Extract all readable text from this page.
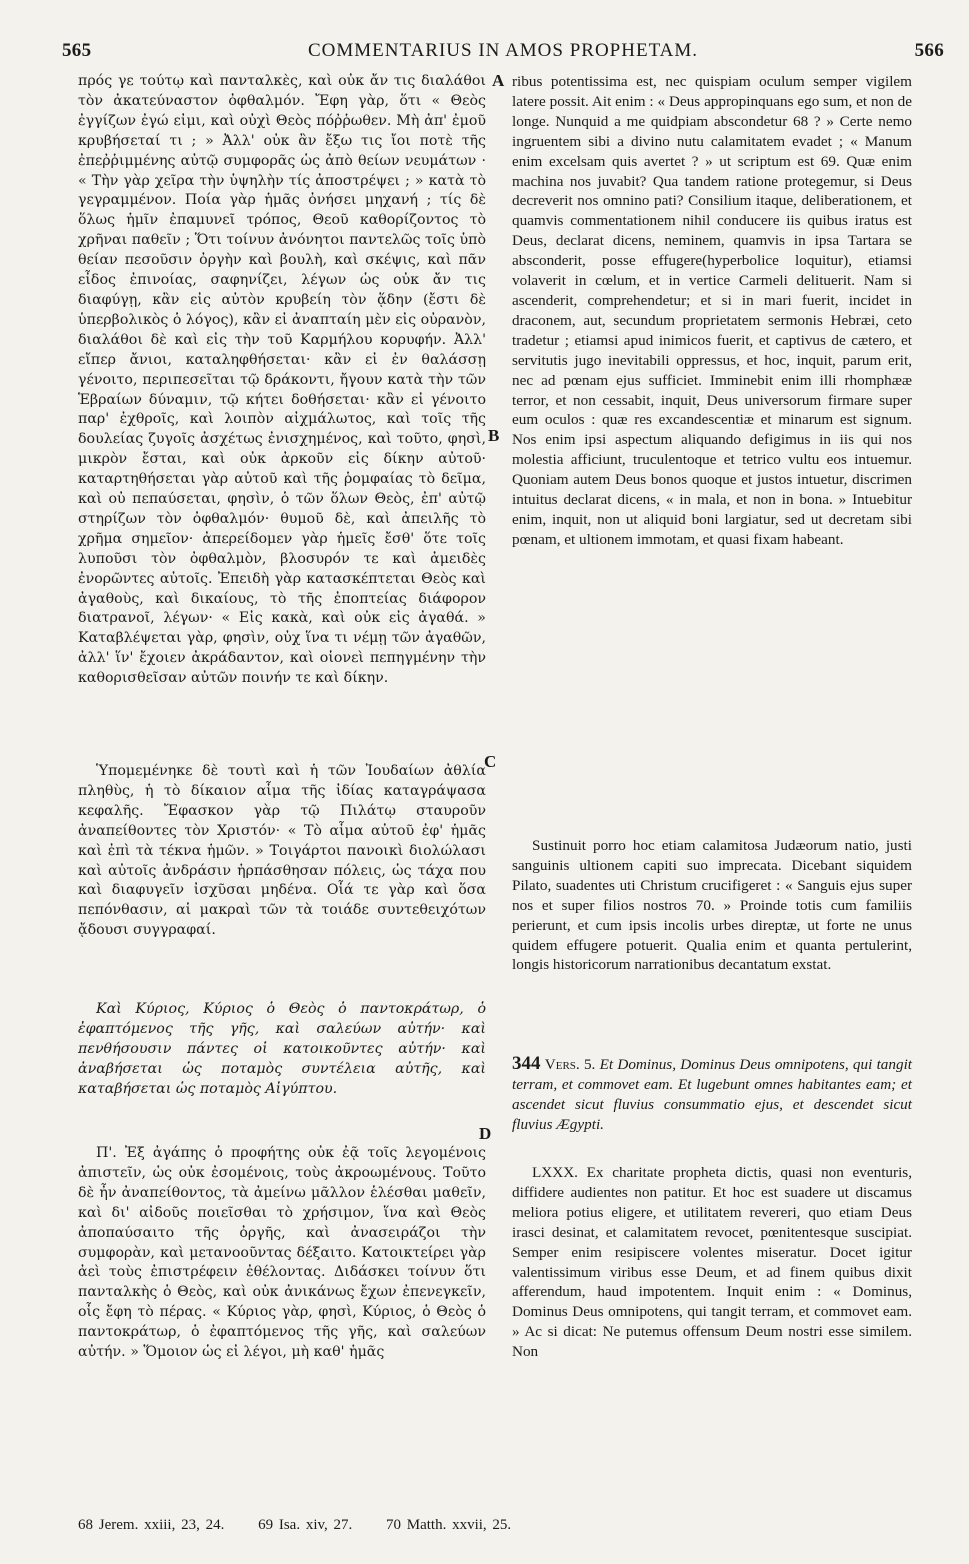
565	COMMENTARIUS IN AMOS PROPHETAM.	566

πρός γε τούτῳ καὶ πανταλκὲς, καὶ οὐκ ἄν τις διαλάθοι τὸν ἀκατεύναστον ὀφθαλμόν. Ἔφη γὰρ, ὅτι « Θεὸς ἐγγίζων ἐγώ εἰμι, καὶ οὐχὶ Θεὸς πόῤῥωθεν. Μὴ ἀπ' ἐμοῦ κρυβήσεταί τι ; » Ἀλλ' οὐκ ἂν ἔξω τις ἴοι ποτὲ τῆς ἐπεῤῥιμμένης αὐτῷ συμφορᾶς ὡς ἀπὸ θείων νευμάτων · « Τὴν γὰρ χεῖρα τὴν ὑψηλὴν τίς ἀποστρέψει ; » κατὰ τὸ γεγραμμένον. Ποία γὰρ ἡμᾶς ὀνήσει μηχανή ; τίς δὲ ὅλως ἡμῖν ἐπαμυνεῖ τρόπος, Θεοῦ καθορίζοντος τὸ χρῆναι παθεῖν ; Ὅτι τοίνυν ἀνόνητοι παντελῶς τοῖς ὑπὸ θείαν πεσοῦσιν ὀργὴν καὶ βουλὴ, καὶ σκέψις, καὶ πᾶν εἶδος ἐπινοίας, σαφηνίζει, λέγων ὡς οὐκ ἄν τις διαφύγῃ, κἂν εἰς αὐτὸν κρυβείη τὸν ᾅδην (ἔστι δὲ ὑπερβολικὸς ὁ λόγος), κἂν εἰ ἀναπταίη μὲν εἰς οὐρανὸν, διαλάθοι δὲ καὶ εἰς τὴν τοῦ Καρμήλου κορυφήν. Ἀλλ' εἴπερ ἄνιοι, καταληφθήσεται· κἂν εἰ ἐν θαλάσσῃ γένοιτο, περιπεσεῖται τῷ δράκοντι, ἤγουν κατὰ τὴν τῶν Ἑβραίων δύναμιν, τῷ κήτει δοθήσεται· κἂν εἰ γένοιτο παρ' ἐχθροῖς, καὶ λοιπὸν αἰχμάλωτος, καὶ τοῖς τῆς δουλείας ζυγοῖς ἀσχέτως ἐνισχημένος, καὶ τοῦτο, φησὶ, μικρὸν ἔσται, καὶ οὐκ ἀρκοῦν εἰς δίκην αὐτοῦ· καταρτηθήσεται γὰρ αὐτοῦ καὶ τῆς ῥομφαίας τὸ δεῖμα, καὶ οὐ πεπαύσεται, φησὶν, ὁ τῶν ὅλων Θεὸς, ἐπ' αὐτῷ στηρίζων τὸν ὀφθαλμόν· θυμοῦ δὲ, καὶ ἀπειλῆς τὸ χρῆμα σημεῖον· ἀπερείδομεν γὰρ ἡμεῖς ἔσθ' ὅτε τοῖς λυποῦσι τὸν ὀφθαλμὸν, βλοσυρόν τε καὶ ἀμειδὲς ἐνορῶντες αὐτοῖς. Ἐπειδὴ γὰρ κατασκέπτεται Θεὸς καὶ ἀγαθοὺς, καὶ δικαίους, τὸ τῆς ἐποπτείας διάφορον διατρανοῖ, λέγων· « Εἰς κακὰ, καὶ οὐκ εἰς ἀγαθά. » Καταβλέψεται γὰρ, φησὶν, οὐχ ἵνα τι νέμῃ τῶν ἀγαθῶν, ἀλλ' ἵν' ἔχοιεν ἀκράδαντον, καὶ οἱονεὶ πεπηγμένην τὴν καθορισθεῖσαν αὐτῶν ποινήν τε καὶ δίκην.

Ὑπομεμένηκε δὲ τουτὶ καὶ ἡ τῶν Ἰουδαίων ἀθλία πληθὺς, ἡ τὸ δίκαιον αἷμα τῆς ἰδίας καταγράψασα κεφαλῆς. Ἔφασκον γὰρ τῷ Πιλάτῳ σταυροῦν ἀναπείθοντες τὸν Χριστόν· « Τὸ αἷμα αὐτοῦ ἐφ' ἡμᾶς καὶ ἐπὶ τὰ τέκνα ἡμῶν. » Τοιγάρτοι πανοικὶ διολώλασι καὶ αὐτοῖς ἀνδράσιν ἡρπάσθησαν πόλεις, ὡς τάχα που καὶ διαφυγεῖν ἰσχῦσαι μηδένα. Οἷά τε γὰρ καὶ ὅσα πεπόνθασιν, αἱ μακραὶ τῶν τὰ τοιάδε συντεθειχότων ᾄδουσι συγγραφαί.

Καὶ Κύριος, Κύριος ὁ Θεὸς ὁ παντοκράτωρ, ὁ ἐφαπτόμενος τῆς γῆς, καὶ σαλεύων αὐτήν· καὶ πενθήσουσιν πάντες οἱ κατοικοῦντες αὐτήν· καὶ ἀναβήσεται ὡς ποταμὸς συντέλεια αὐτῆς, καὶ καταβήσεται ὡς ποταμὸς Αἰγύπτου.

Π'. Ἐξ ἀγάπης ὁ προφήτης οὐκ ἐᾷ τοῖς λεγομένοις ἀπιστεῖν, ὡς οὐκ ἐσομένοις, τοὺς ἀκροωμένους. Τοῦτο δὲ ἦν ἀναπείθοντος, τὰ ἀμείνω μᾶλλον ἑλέσθαι μαθεῖν, καὶ δι' αἰδοῦς ποιεῖσθαι τὸ χρήσιμον, ἵνα καὶ Θεὸς ἀποπαύσαιτο τῆς ὀργῆς, καὶ ἀνασειράζοι τὴν συμφορὰν, καὶ μετανοοῦντας δέξαιτο. Κατοικτείρει γὰρ ἀεὶ τοὺς ἐπιστρέφειν ἐθέλοντας. Διδάσκει τοίνυν ὅτι πανταλκὴς ὁ Θεὸς, καὶ οὐκ ἀνικάνως ἔχων ἐπενεγκεῖν, οἷς ἔφη τὸ πέρας. « Κύριος γὰρ, φησὶ, Κύριος, ὁ Θεὸς ὁ παντοκράτωρ, ὁ ἐφαπτόμενος τῆς γῆς, καὶ σαλεύων αὐτήν. » Ὅμοιον ὡς εἰ λέγοι, μὴ καθ' ἡμᾶς

A
B
C
D

ribus potentissima est, nec quispiam oculum semper vigilem latere possit. Ait enim : « Deus appropinquans ego sum, et non de longe. Nunquid a me quidpiam abscondetur 68 ? » Certe nemo ingruentem sibi a divino nutu calamitatem evadet ; « Manum enim excelsam quis avertet ? » ut scriptum est 69. Quæ enim machina nos juvabit? Qua tandem ratione protegemur, si Deus decreverit nos omnino pati? Consilium itaque, deliberationem, et quamvis commentationem nihil conducere iis quibus iratus est Deus, declarat dicens, neminem, quamvis in ipsa Tartara se absconderit, posse effugere(hyperbolice loquitur), etiamsi volaverit in cœlum, et in vertice Carmeli delituerit. Nam si ascenderit, comprehendetur; et si in mari fuerit, incidet in draconem, aut, secundum proprietatem sermonis Hebræi, ceto tradetur ; etiamsi apud inimicos fuerit, et captivus de cætero, et servitutis jugo inevitabili oppressus, et hoc, inquit, parum erit, nec ad pœnam ejus sufficiet. Imminebit enim illi rhomphææ terror, et non cessabit, inquit, Deus universorum firmare super eum oculos : quæ res excandescentiæ et minarum est signum. Nos enim ipsi aspectum aliquando defigimus in iis qui nos molestia afficiunt, truculentoque et tetrico vultu eos intuemur. Quoniam autem Deus bonos quoque et justos intuetur, discrimen intuitus declarat dicens, « in mala, et non in bona. » Intuebitur enim, inquit, non ut aliquid boni largiatur, sed ut decretam sibi pœnam, et ultionem immotam, et quasi fixam habeant.

Sustinuit porro hoc etiam calamitosa Judæorum natio, justi sanguinis ultionem capiti suo imprecata. Dicebant siquidem Pilato, suadentes uti Christum crucifigeret : « Sanguis ejus super nos et super filios nostros 70. » Proinde totis cum familiis perierunt, et cum ipsis incolis urbes direptæ, ut forte ne unus quidem effugere potuerit. Qualia enim et quanta pertulerint, longis historicorum narrationibus decantatum exstat.

344 Vers. 5. Et Dominus, Dominus Deus omnipotens, qui tangit terram, et commovet eam. Et lugebunt omnes habitantes eam; et ascendet sicut fluvius consummatio ejus, et descendet sicut fluvius Ægypti.

LXXX. Ex charitate propheta dictis, quasi non eventuris, diffidere audientes non patitur. Et hoc est suadere ut discamus meliora potius eligere, et utilitatem revereri, quo etiam Deus irasci desinat, et calamitatem revocet, pœnitentesque suscipiat. Semper enim resipiscere volentes miseratur. Docet igitur valentissimum viribus esse Deum, et ad finem quibus dixit afferendum, haud impotentem. Inquit enim : « Dominus, Dominus Deus omnipotens, qui tangit terram, et commovet eam. » Ac si dicat: Ne putemus offensum Deum nostri esse similem. Non

68 Jerem. xxiii, 23, 24. 69 Isa. xiv, 27. 70 Matth. xxvii, 25.
